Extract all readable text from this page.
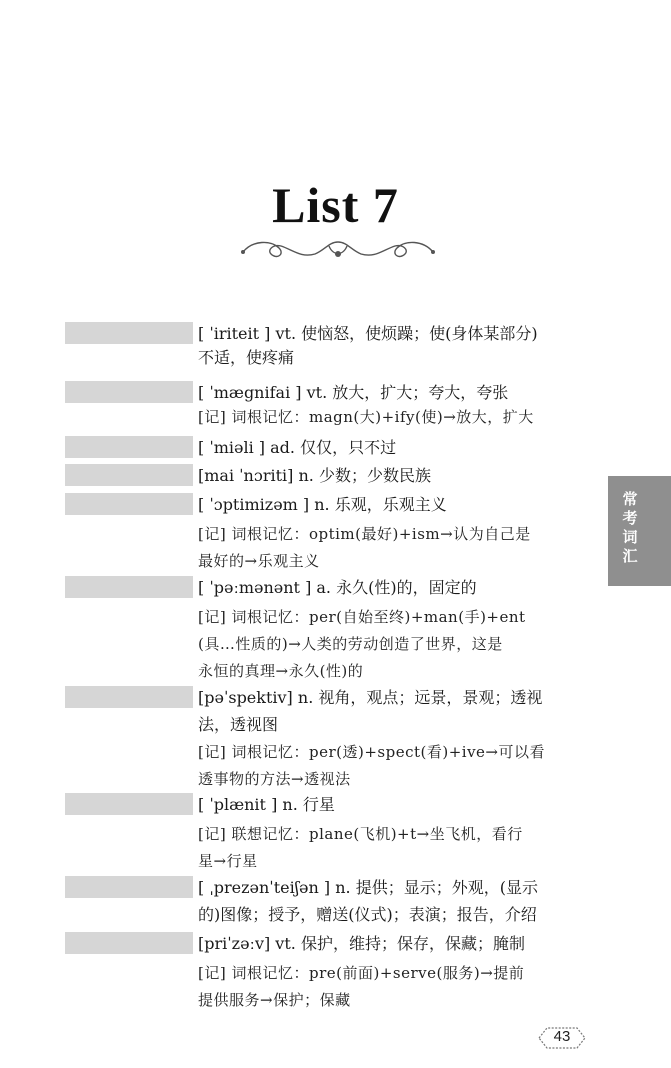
List 7
常考词汇
[ ˈiriteit ] vt. 使恼怒，使烦躁；使(身体某部分)
不适，使疼痛
[ ˈmægnifai ] vt. 放大，扩大；夸大，夸张
[记] 词根记忆：magn(大)+ify(使)→放大，扩大
[ ˈmiəli ] ad. 仅仅，只不过
[mai ˈnɔriti] n. 少数；少数民族
[ ˈɔptimizəm ] n. 乐观，乐观主义
[记] 词根记忆：optim(最好)+ism→认为自己是
最好的→乐观主义
[ ˈpəːmənənt ] a. 永久(性)的，固定的
[记] 词根记忆：per(自始至终)+man(手)+ent
(具…性质的)→人类的劳动创造了世界，这是
永恒的真理→永久(性)的
[pəˈspektiv] n. 视角，观点；远景，景观；透视
法，透视图
[记] 词根记忆：per(透)+spect(看)+ive→可以看
透事物的方法→透视法
[ ˈplænit ] n. 行星
[记] 联想记忆：plane(飞机)+t→坐飞机，看行
星→行星
[ ˌprezənˈteiʃən ] n. 提供；显示；外观，(显示
的)图像；授予，赠送(仪式)；表演；报告，介绍
[priˈzəːv] vt. 保护，维持；保存，保藏；腌制
[记] 词根记忆：pre(前面)+serve(服务)→提前
提供服务→保护；保藏
43
